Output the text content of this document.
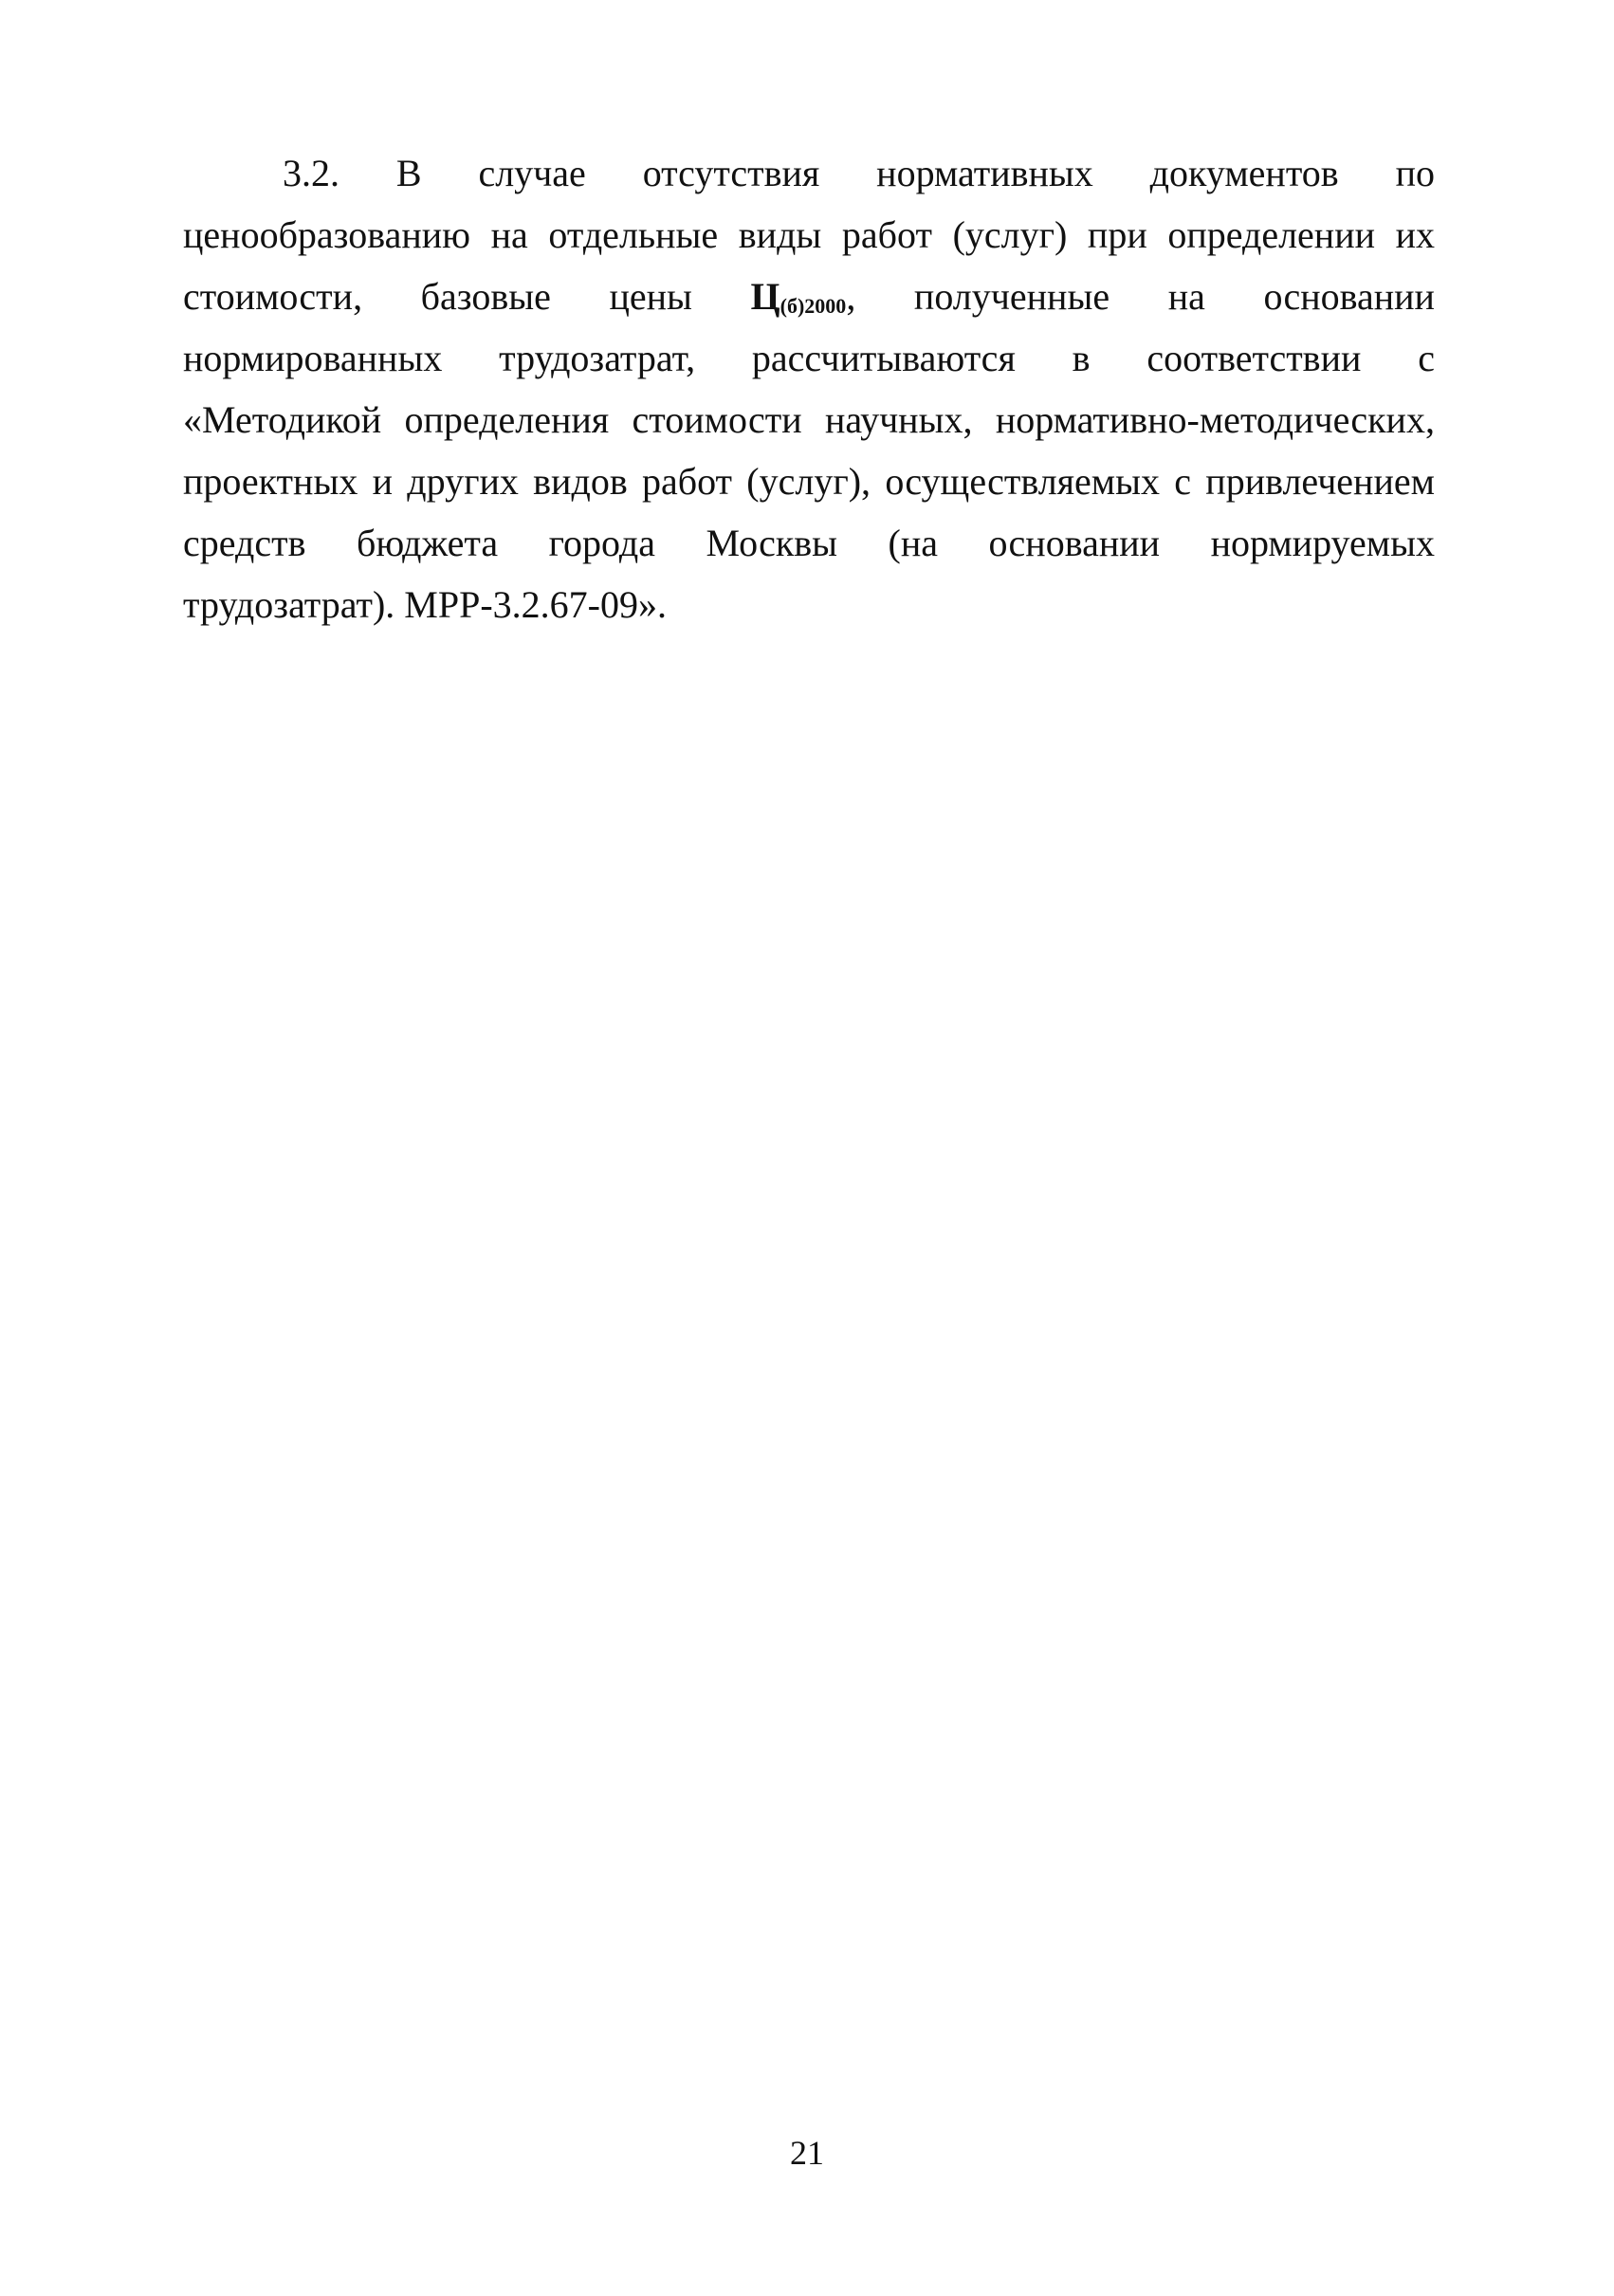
3.2. В случае отсутствия нормативных документов по
ценообразованию на отдельные виды работ (услуг) при определении их
стоимости, базовые цены Ц(б)2000, полученные на основании
нормированных трудозатрат, рассчитываются в соответствии с
«Методикой определения стоимости научных, нормативно-методических,
проектных и других видов работ (услуг), осуществляемых с привлечением
средств бюджета города Москвы (на основании нормируемых
трудозатрат). МРР-3.2.67-09».
21
